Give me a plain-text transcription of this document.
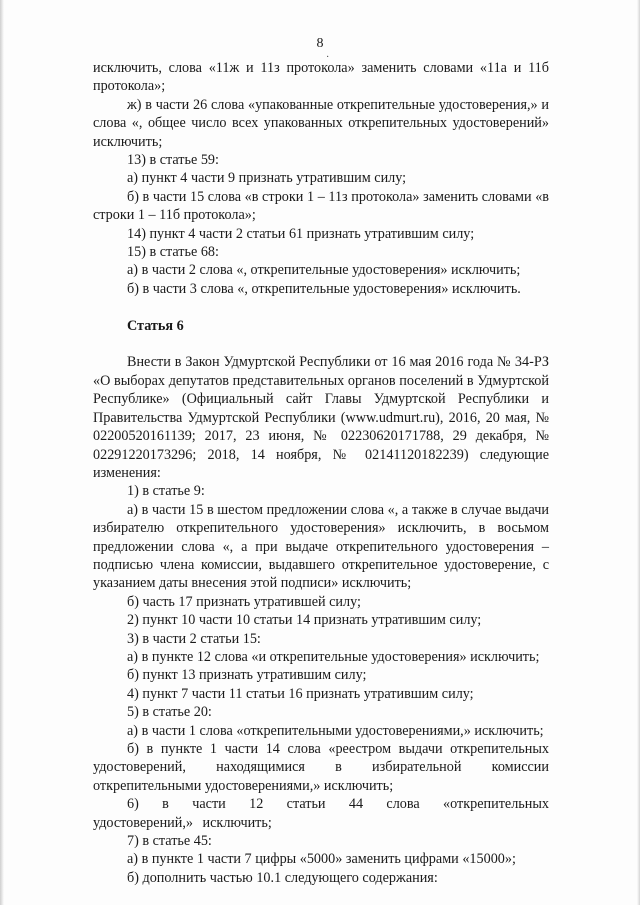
8
·

исключить, слова «11ж и 11з протокола» заменить словами «11а и 11б протокола»;

ж) в части 26 слова «упакованные открепительные удостоверения,» и слова «, общее число всех упакованных открепительных удостоверений» исключить;

13) в статье 59:

а) пункт 4 части 9 признать утратившим силу;

б) в части 15 слова «в строки 1 – 11з протокола» заменить словами «в строки 1 – 11б протокола»;

14) пункт 4 части 2 статьи 61 признать утратившим силу;

15) в статье 68:

а) в части 2 слова «, открепительные удостоверения» исключить;

б) в части 3 слова «, открепительные удостоверения» исключить.

Статья 6

Внести в Закон Удмуртской Республики от 16 мая 2016 года № 34-РЗ «О выборах депутатов представительных органов поселений в Удмуртской Республике» (Официальный сайт Главы Удмуртской Республики и Правительства Удмуртской Республики (www.udmurt.ru), 2016, 20 мая, № 02200520161139; 2017, 23 июня, № 02230620171788, 29 декабря, № 02291220173296; 2018, 14 ноября, № 02141120182239) следующие изменения:

1) в статье 9:

а) в части 15 в шестом предложении слова «, а также в случае выдачи избирателю открепительного удостоверения» исключить, в восьмом предложении слова «, а при выдаче открепительного удостоверения – подписью члена комиссии, выдавшего открепительное удостоверение, с указанием даты внесения этой подписи» исключить;

б) часть 17 признать утратившей силу;

2) пункт 10 части 10 статьи 14 признать утратившим силу;

3) в части 2 статьи 15:

а) в пункте 12 слова «и открепительные удостоверения» исключить;

б) пункт 13 признать утратившим силу;

4) пункт 7 части 11 статьи 16 признать утратившим силу;

5) в статье 20:

а) в части 1 слова «открепительными удостоверениями,» исключить;

б) в пункте 1 части 14 слова «реестром выдачи открепительных удостоверений, находящимися в избирательной комиссии открепительными удостоверениями,» исключить;

6) в части 12 статьи 44 слова «открепительных удостоверений,» исключить;

7) в статье 45:

а) в пункте 1 части 7 цифры «5000» заменить цифрами «15000»;

б) дополнить частью 10.1 следующего содержания:
